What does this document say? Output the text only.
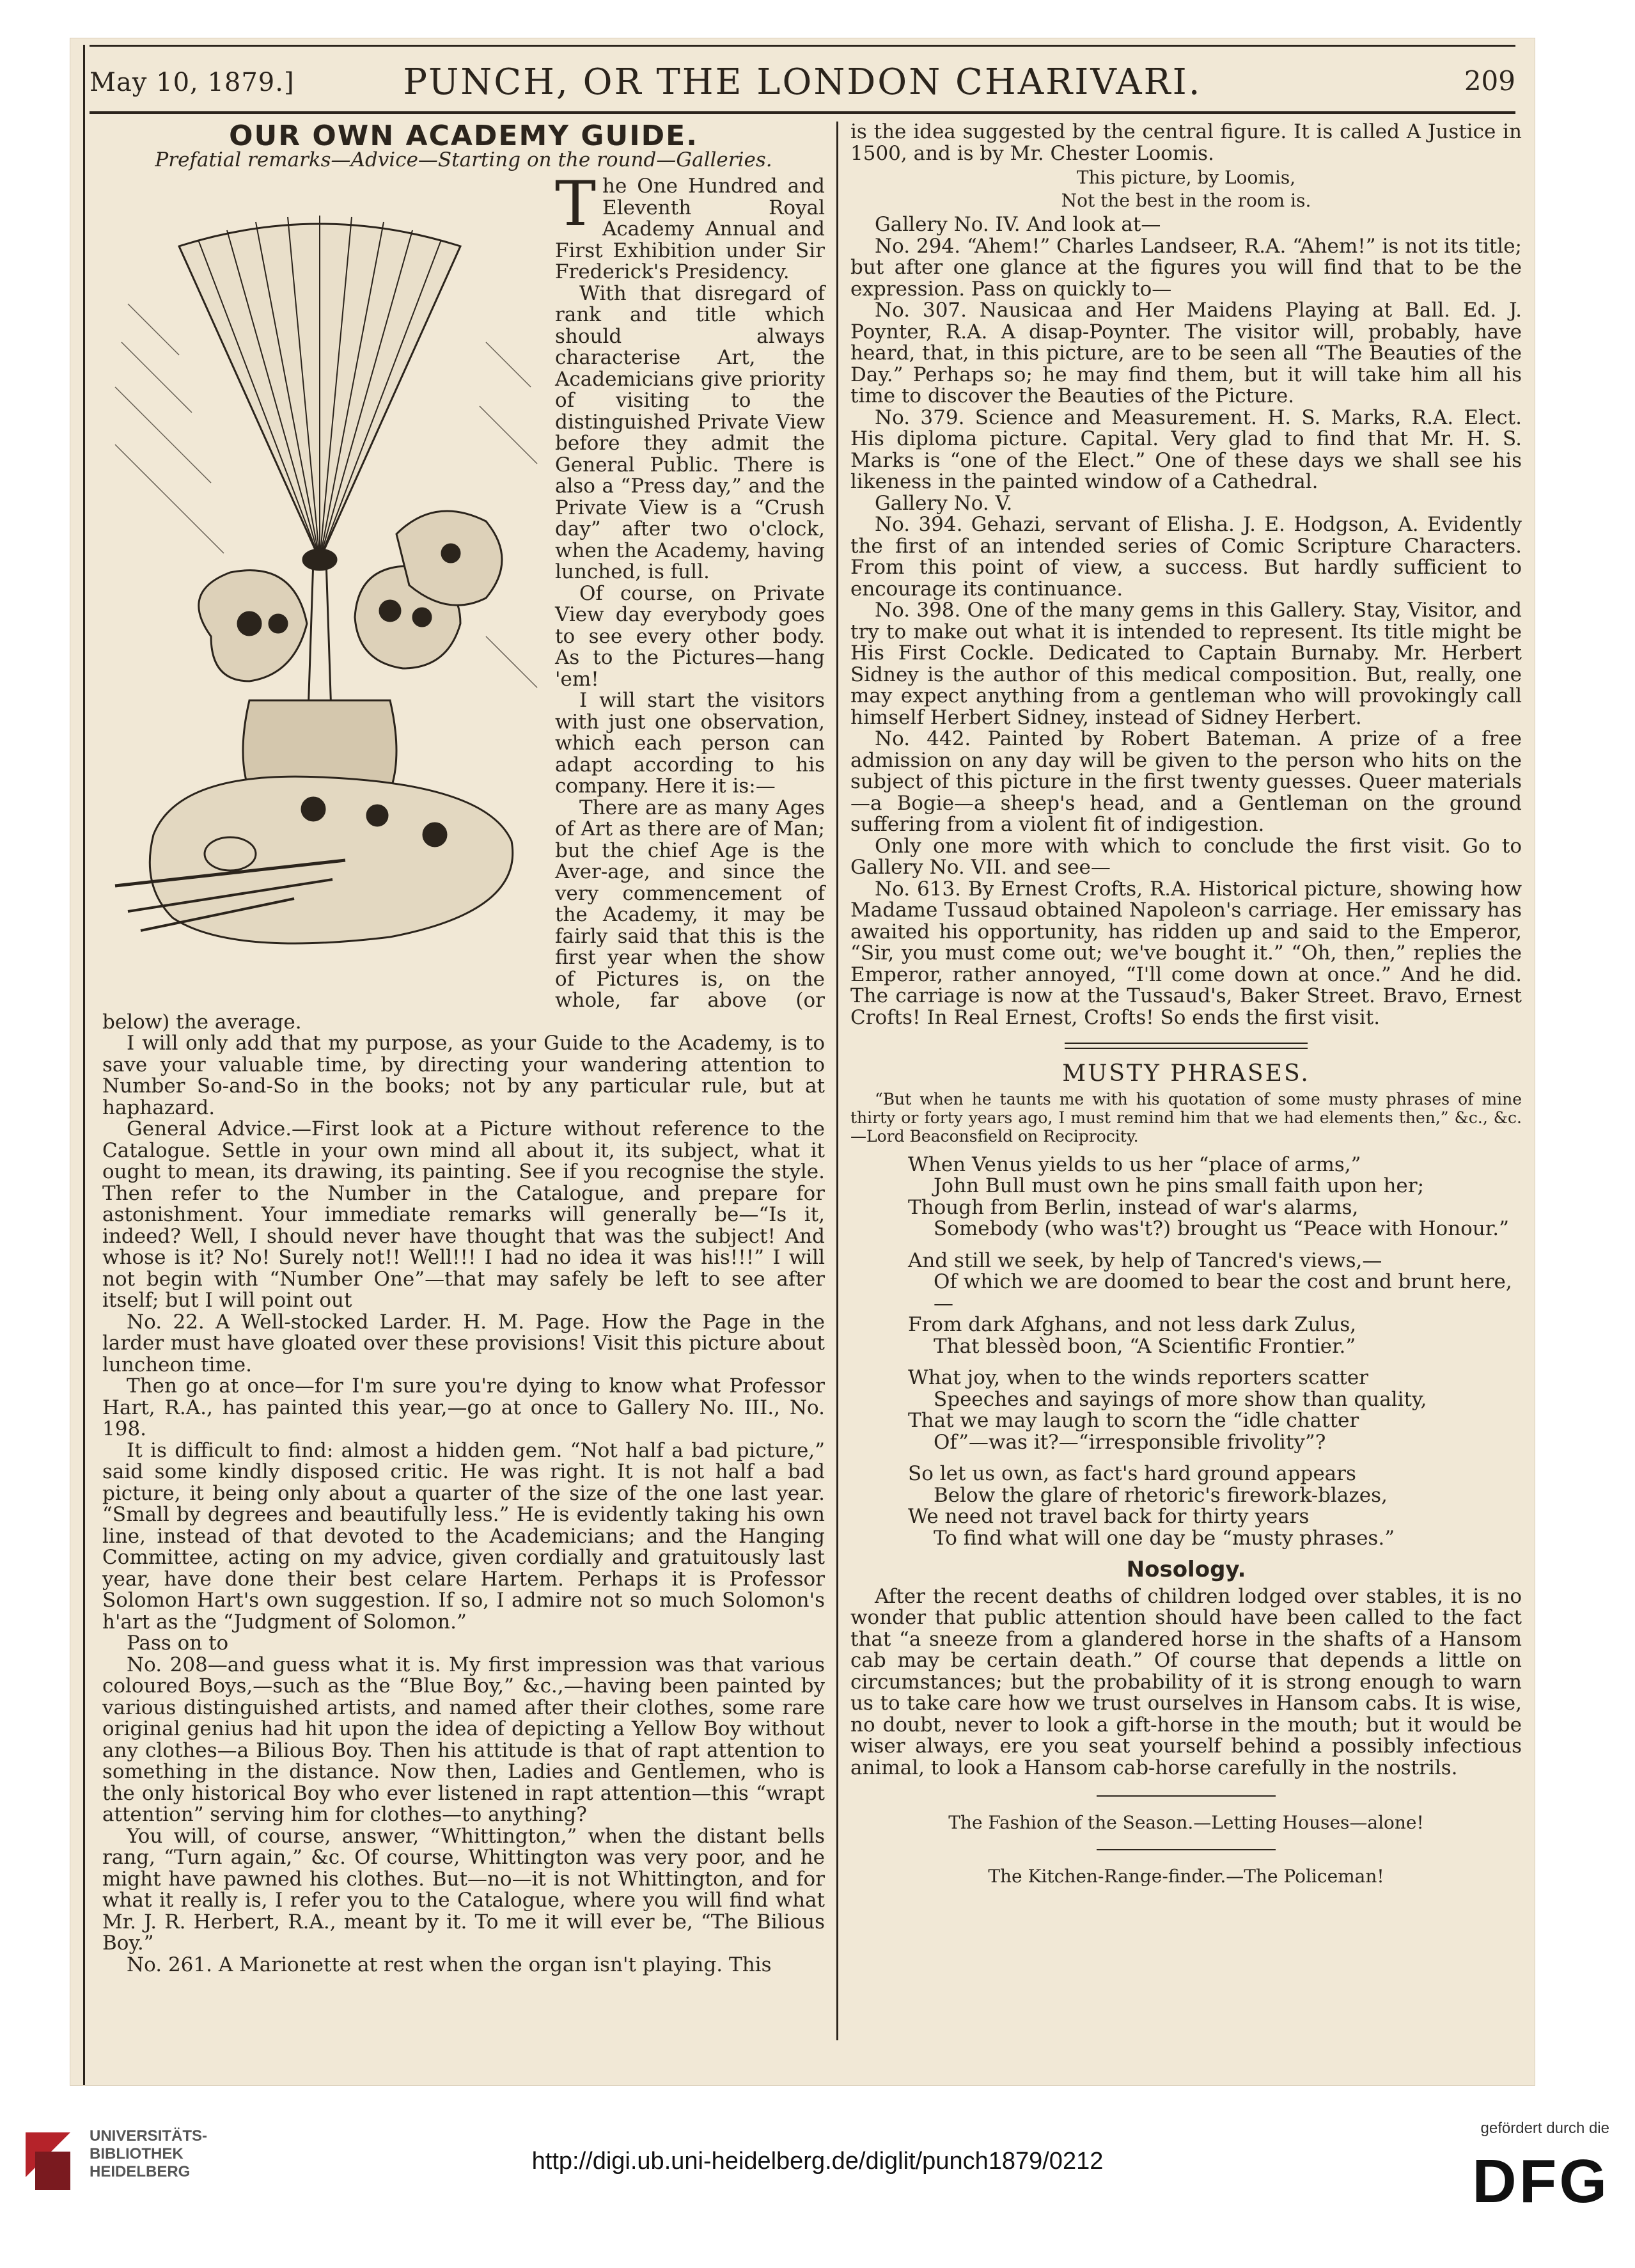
May 10, 1879.]	PUNCH, OR THE LONDON CHARIVARI.	209
OUR OWN ACADEMY GUIDE.
Prefatial remarks—Advice—Starting on the round—Galleries.

The One Hundred and Eleventh Royal Academy Annual and First Exhibition under Sir Frederick's Presidency.

With that disregard of rank and title which should always characterise Art, the Academicians give priority of visiting to the distinguished Private View before they admit the General Public. There is also a “Press day,” and the Private View is a “Crush day” after two o'clock, when the Academy, having lunched, is full.

Of course, on Private View day everybody goes to see every other body. As to the Pictures—hang 'em!

I will start the visitors with just one observation, which each person can adapt according to his company. Here it is:—

There are as many Ages of Art as there are of Man; but the chief Age is the Aver-age, and since the very commencement of the Academy, it may be fairly said that this is the first year when the show of Pictures is, on the whole, far above (or below) the average.

I will only add that my purpose, as your Guide to the Academy, is to save your valuable time, by directing your wandering attention to Number So-and-So in the books; not by any particular rule, but at haphazard.

General Advice.—First look at a Picture without reference to the Catalogue. Settle in your own mind all about it, its subject, what it ought to mean, its drawing, its painting. See if you recognise the style. Then refer to the Number in the Catalogue, and prepare for astonishment. Your immediate remarks will generally be—“Is it, indeed? Well, I should never have thought that was the subject! And whose is it? No! Surely not!! Well!!! I had no idea it was his!!!” I will not begin with “Number One”—that may safely be left to see after itself; but I will point out

No. 22. A Well-stocked Larder. H. M. Page. How the Page in the larder must have gloated over these provisions! Visit this picture about luncheon time.

Then go at once—for I'm sure you're dying to know what Professor Hart, R.A., has painted this year,—go at once to Gallery No. III., No. 198.

It is difficult to find: almost a hidden gem. “Not half a bad picture,” said some kindly disposed critic. He was right. It is not half a bad picture, it being only about a quarter of the size of the one last year. “Small by degrees and beautifully less.” He is evidently taking his own line, instead of that devoted to the Academicians; and the Hanging Committee, acting on my advice, given cordially and gratuitously last year, have done their best celare Hartem. Perhaps it is Professor Solomon Hart's own suggestion. If so, I admire not so much Solomon's h'art as the “Judgment of Solomon.”

Pass on to

No. 208—and guess what it is. My first impression was that various coloured Boys,—such as the “Blue Boy,” &c.,—having been painted by various distinguished artists, and named after their clothes, some rare original genius had hit upon the idea of depicting a Yellow Boy without any clothes—a Bilious Boy. Then his attitude is that of rapt attention to something in the distance. Now then, Ladies and Gentlemen, who is the only historical Boy who ever listened in rapt attention—this “wrapt attention” serving him for clothes—to anything?

You will, of course, answer, “Whittington,” when the distant bells rang, “Turn again,” &c. Of course, Whittington was very poor, and he might have pawned his clothes. But—no—it is not Whittington, and for what it really is, I refer you to the Catalogue, where you will find what Mr. J. R. Herbert, R.A., meant by it. To me it will ever be, “The Bilious Boy.”

No. 261. A Marionette at rest when the organ isn't playing. This

is the idea suggested by the central figure. It is called A Justice in 1500, and is by Mr. Chester Loomis.

This picture, by Loomis,
Not the best in the room is.

Gallery No. IV. And look at—

No. 294. “Ahem!” Charles Landseer, R.A. “Ahem!” is not its title; but after one glance at the figures you will find that to be the expression. Pass on quickly to—

No. 307. Nausicaa and Her Maidens Playing at Ball. Ed. J. Poynter, R.A. A disap-Poynter. The visitor will, probably, have heard, that, in this picture, are to be seen all “The Beauties of the Day.” Perhaps so; he may find them, but it will take him all his time to discover the Beauties of the Picture.

No. 379. Science and Measurement. H. S. Marks, R.A. Elect. His diploma picture. Capital. Very glad to find that Mr. H. S. Marks is “one of the Elect.” One of these days we shall see his likeness in the painted window of a Cathedral.

Gallery No. V.

No. 394. Gehazi, servant of Elisha. J. E. Hodgson, A. Evidently the first of an intended series of Comic Scripture Characters. From this point of view, a success. But hardly sufficient to encourage its continuance.

No. 398. One of the many gems in this Gallery. Stay, Visitor, and try to make out what it is intended to represent. Its title might be His First Cockle. Dedicated to Captain Burnaby. Mr. Herbert Sidney is the author of this medical composition. But, really, one may expect anything from a gentleman who will provokingly call himself Herbert Sidney, instead of Sidney Herbert.

No. 442. Painted by Robert Bateman. A prize of a free admission on any day will be given to the person who hits on the subject of this picture in the first twenty guesses. Queer materials—a Bogie—a sheep's head, and a Gentleman on the ground suffering from a violent fit of indigestion.

Only one more with which to conclude the first visit. Go to Gallery No. VII. and see—

No. 613. By Ernest Crofts, R.A. Historical picture, showing how Madame Tussaud obtained Napoleon's carriage. Her emissary has awaited his opportunity, has ridden up and said to the Emperor, “Sir, you must come out; we've bought it.” “Oh, then,” replies the Emperor, rather annoyed, “I'll come down at once.” And he did. The carriage is now at the Tussaud's, Baker Street. Bravo, Ernest Crofts! In Real Ernest, Crofts! So ends the first visit.

MUSTY PHRASES.

“But when he taunts me with his quotation of some musty phrases of mine thirty or forty years ago, I must remind him that we had elements then,” &c., &c.—Lord Beaconsfield on Reciprocity.

When Venus yields to us her “place of arms,”
John Bull must own he pins small faith upon her;
Though from Berlin, instead of war's alarms,
Somebody (who was't?) brought us “Peace with Honour.”
And still we seek, by help of Tancred's views,—
Of which we are doomed to bear the cost and brunt here,—
From dark Afghans, and not less dark Zulus,
That blessèd boon, “A Scientific Frontier.”
What joy, when to the winds reporters scatter
Speeches and sayings of more show than quality,
That we may laugh to scorn the “idle chatter
Of”—was it?—“irresponsible frivolity”?
So let us own, as fact's hard ground appears
Below the glare of rhetoric's firework-blazes,
We need not travel back for thirty years
To find what will one day be “musty phrases.”
Nosology.

After the recent deaths of children lodged over stables, it is no wonder that public attention should have been called to the fact that “a sneeze from a glandered horse in the shafts of a Hansom cab may be certain death.” Of course that depends a little on circumstances; but the probability of it is strong enough to warn us to take care how we trust ourselves in Hansom cabs. It is wise, no doubt, never to look a gift-horse in the mouth; but it would be wiser always, ere you seat yourself behind a possibly infectious animal, to look a Hansom cab-horse carefully in the nostrils.

The Fashion of the Season.—Letting Houses—alone!
The Kitchen-Range-finder.—The Policeman!
UNIVERSITÄTS-
BIBLIOTHEK
HEIDELBERG	http://digi.ub.uni-heidelberg.de/diglit/punch1879/0212
gefördert durch die
DFG
